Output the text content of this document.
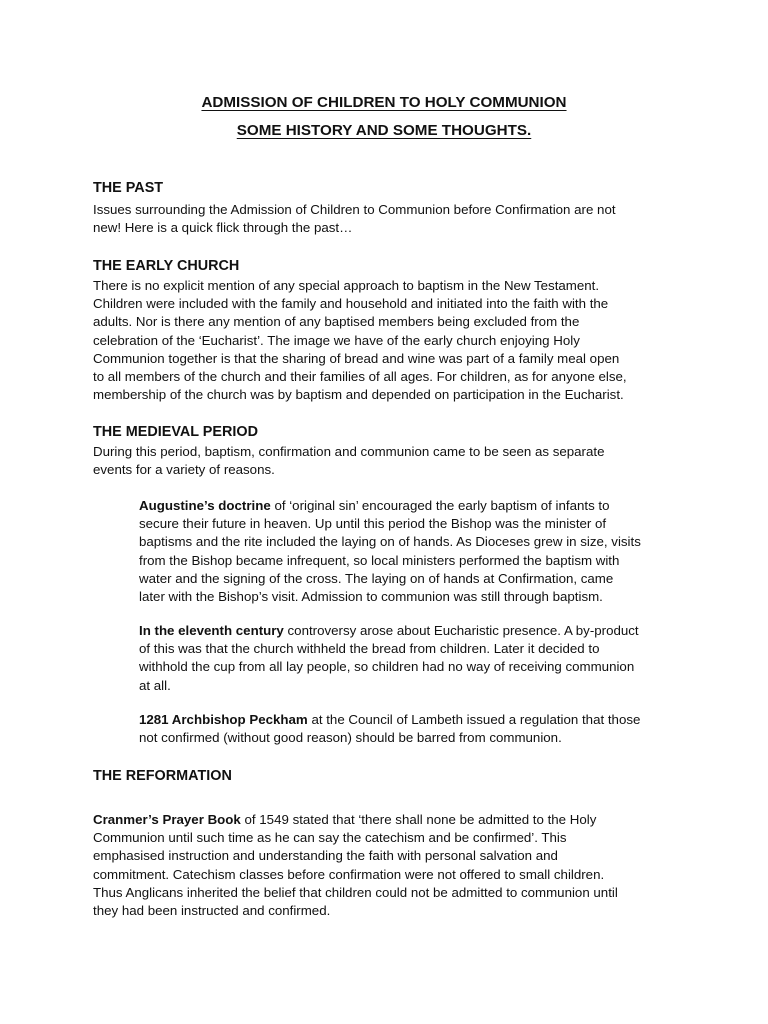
ADMISSION OF CHILDREN TO HOLY COMMUNION
SOME HISTORY AND SOME THOUGHTS.
THE PAST
Issues surrounding the Admission of Children to Communion before Confirmation are not
new! Here is a quick flick through the past…
THE EARLY CHURCH
There is no explicit mention of any special approach to baptism in the New Testament.
Children were included with the family and household and initiated into the faith with the
adults. Nor is there any mention of any baptised members being excluded from the
celebration of the ‘Eucharist’. The image we have of the early church enjoying Holy
Communion together is that the sharing of bread and wine was part of a family meal open
to all members of the church and their families of all ages. For children, as for anyone else,
membership of the church was by baptism and depended on participation in the Eucharist.
THE MEDIEVAL PERIOD
During this period, baptism, confirmation and communion came to be seen as separate
events for a variety of reasons.
Augustine’s doctrine of ‘original sin’ encouraged the early baptism of infants to
secure their future in heaven. Up until this period the Bishop was the minister of
baptisms and the rite included the laying on of hands. As Dioceses grew in size, visits
from the Bishop became infrequent, so local ministers performed the baptism with
water and the signing of the cross. The laying on of hands at Confirmation, came
later with the Bishop’s visit. Admission to communion was still through baptism.
In the eleventh century controversy arose about Eucharistic presence. A by-product
of this was that the church withheld the bread from children. Later it decided to
withhold the cup from all lay people, so children had no way of receiving communion
at all.
1281 Archbishop Peckham at the Council of Lambeth issued a regulation that those
not confirmed (without good reason) should be barred from communion.
THE REFORMATION
Cranmer’s Prayer Book of 1549 stated that ‘there shall none be admitted to the Holy
Communion until such time as he can say the catechism and be confirmed’. This
emphasised instruction and understanding the faith with personal salvation and
commitment. Catechism classes before confirmation were not offered to small children.
Thus Anglicans inherited the belief that children could not be admitted to communion until
they had been instructed and confirmed.
